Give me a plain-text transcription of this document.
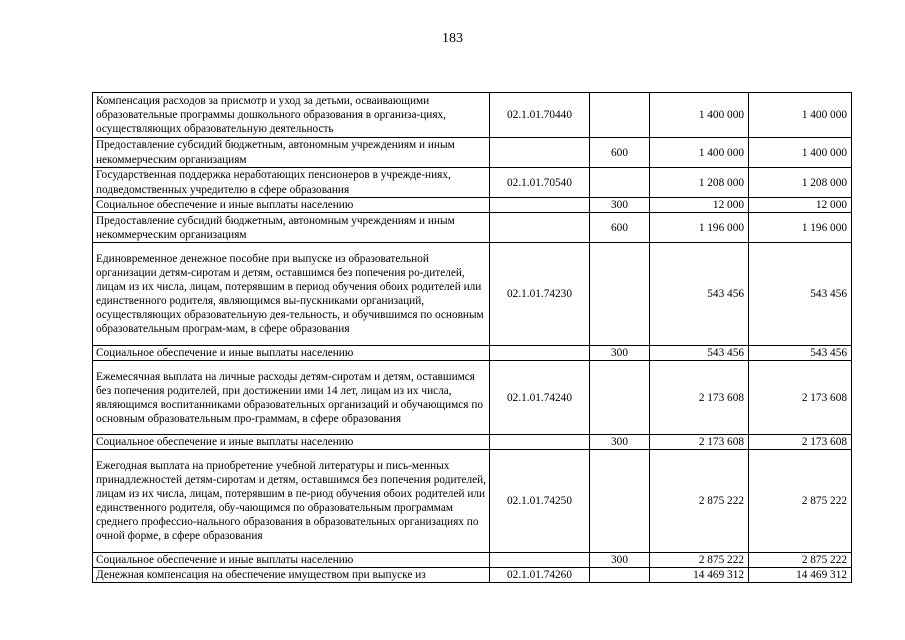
183
Компенсация расходов за присмотр и уход за детьми, осваивающими образовательные программы дошкольного образования в организа-циях, осуществляющих образовательную деятельность	02.1.01.70440		1 400 000	1 400 000
Предоставление субсидий бюджетным, автономным учреждениям и иным некоммерческим организациям		600	1 400 000	1 400 000
Государственная поддержка неработающих пенсионеров в учрежде-ниях, подведомственных учредителю в сфере образования	02.1.01.70540		1 208 000	1 208 000
Социальное обеспечение и иные выплаты населению		300	12 000	12 000
Предоставление субсидий бюджетным, автономным учреждениям и иным некоммерческим организациям		600	1 196 000	1 196 000
Единовременное денежное пособие при выпуске из образовательной организации детям-сиротам и детям, оставшимся без попечения ро-дителей, лицам из их числа, лицам, потерявшим в период обучения обоих родителей или единственного родителя, являющимся вы-пускниками организаций, осуществляющих образовательную дея-тельность, и обучившимся по основным образовательным програм-мам, в сфере образования	02.1.01.74230		543 456	543 456
Социальное обеспечение и иные выплаты населению		300	543 456	543 456
Ежемесячная выплата на личные расходы детям-сиротам и детям, оставшимся без попечения родителей, при достижении ими 14 лет, лицам из их числа, являющимся воспитанниками образовательных организаций и обучающимся по основным образовательным про-граммам, в сфере образования	02.1.01.74240		2 173 608	2 173 608
Социальное обеспечение и иные выплаты населению		300	2 173 608	2 173 608
Ежегодная выплата на приобретение учебной литературы и пись-менных принадлежностей детям-сиротам и детям, оставшимся без попечения родителей, лицам из их числа, лицам, потерявшим в пе-риод обучения обоих родителей или единственного родителя, обу-чающимся по образовательным программам среднего профессио-нального образования в образовательных организациях по очной форме, в сфере образования	02.1.01.74250		2 875 222	2 875 222
Социальное обеспечение и иные выплаты населению		300	2 875 222	2 875 222
Денежная компенсация на обеспечение имуществом при выпуске из	02.1.01.74260		14 469 312	14 469 312
